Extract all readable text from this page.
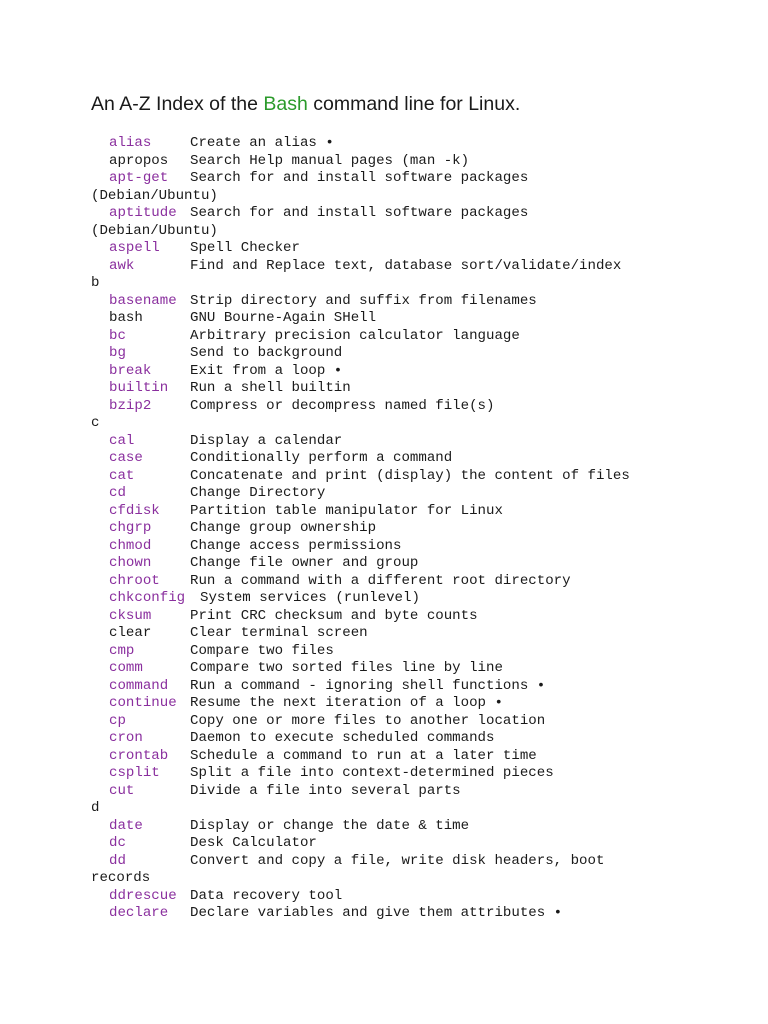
An A-Z Index of the Bash command line for Linux.
alias	Create an alias •
apropos Search Help manual pages (man -k)
apt-get Search for and install software packages
(Debian/Ubuntu)
aptitude Search for and install software packages
(Debian/Ubuntu)
aspell Spell Checker
awk	Find and Replace text, database sort/validate/index
b
basename Strip directory and suffix from filenames
bash	GNU Bourne-Again SHell
bc	Arbitrary precision calculator language
bg	Send to background
break	Exit from a loop •
builtin Run a shell builtin
bzip2	Compress or decompress named file(s)
c
cal	Display a calendar
case	Conditionally perform a command
cat	Concatenate and print (display) the content of files
cd	Change Directory
cfdisk Partition table manipulator for Linux
chgrp	Change group ownership
chmod	Change access permissions
chown	Change file owner and group
chroot Run a command with a different root directory
chkconfig System services (runlevel)
cksum	Print CRC checksum and byte counts
clear	Clear terminal screen
cmp	Compare two files
comm	Compare two sorted files line by line
command Run a command - ignoring shell functions •
continue Resume the next iteration of a loop •
cp	Copy one or more files to another location
cron	Daemon to execute scheduled commands
crontab Schedule a command to run at a later time
csplit Split a file into context-determined pieces
cut	Divide a file into several parts
d
date	Display or change the date & time
dc	Desk Calculator
dd	Convert and copy a file, write disk headers, boot
records
ddrescue Data recovery tool
declare Declare variables and give them attributes •
